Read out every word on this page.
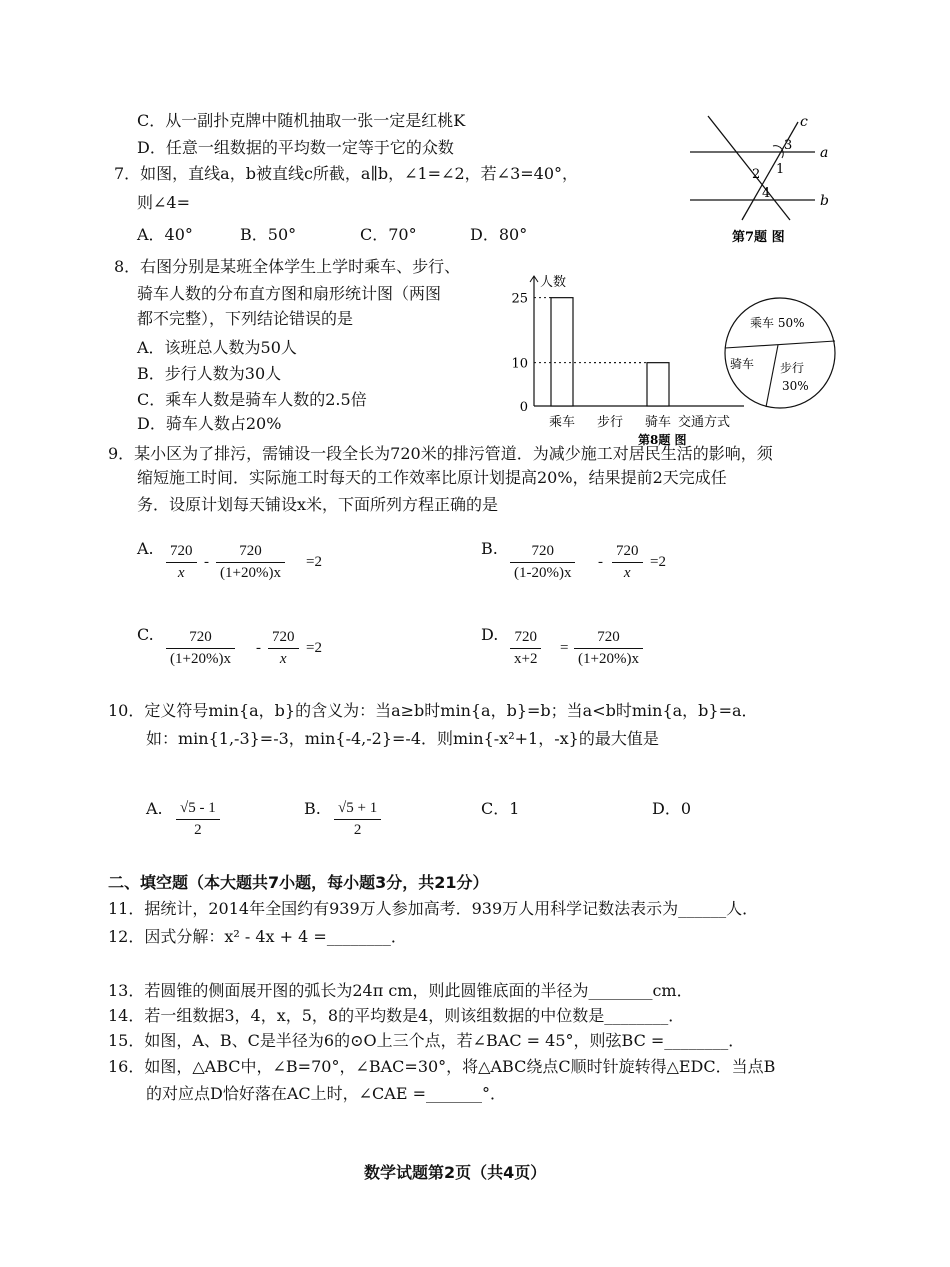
C．从一副扑克牌中随机抽取一张一定是红桃K
D．任意一组数据的平均数一定等于它的众数
7．如图，直线a，b被直线c所截，a∥b，∠1=∠2，若∠3=40°，
则∠4=
A．40°	B．50°	C．70°	D．80°
c
a
b
1
2
3
4
第7题 图
8．右图分别是某班全体学生上学时乘车、步行、
骑车人数的分布直方图和扇形统计图（两图
都不完整），下列结论错误的是
A．该班总人数为50人
B．步行人数为30人
C．乘车人数是骑车人数的2.5倍
D．骑车人数占20%
0
10
25
乘车 步行 骑车
人数
交通方式
第8题 图
乘车 50%
骑车 步行
30%
9．某小区为了排污，需铺设一段全长为720米的排污管道．为减少施工对居民生活的影响，须
缩短施工时间．实际施工时每天的工作效率比原计划提高20%，结果提前2天完成任
务．设原计划每天铺设x米，下面所列方程正确的是
A. $\frac{720}{x} - \frac{720}{(1+20\%)x} =2$
B. $\frac{720}{(1-20\%)x} - \frac{720}{x} =2$
C. $\frac{720}{(1+20\%)x} - \frac{720}{x} =2$
D. $\frac{720}{x+2} = \frac{720}{(1+20\%)x}$
10．定义符号min{a，b}的含义为：当a≥b时min{a，b}=b；当a<b时min{a，b}=a．
如：min{1,-3}=-3，min{-4,-2}=-4．则min{-x²+1，-x}的最大值是
A. $\frac{√5 - 1}{2}$	B. $\frac{√5 + 1}{2}$	C．1	D．0
二、填空题（本大题共7小题，每小题3分，共21分）
11．据统计，2014年全国约有939万人参加高考．939万人用科学记数法表示为______人．
12．因式分解：x² - 4x + 4 =________．
13．若圆锥的侧面展开图的弧长为24π cm，则此圆锥底面的半径为________cm．
14．若一组数据3，4，x，5，8的平均数是4，则该组数据的中位数是________．
15．如图，A、B、C是半径为6的⊙O上三个点，若∠BAC = 45°，则弦BC =________．
16．如图，△ABC中，∠B=70°，∠BAC=30°，将△ABC绕点C顺时针旋转得△EDC．当点B
的对应点D恰好落在AC上时，∠CAE =_______°．
数学试题第2页（共4页）
